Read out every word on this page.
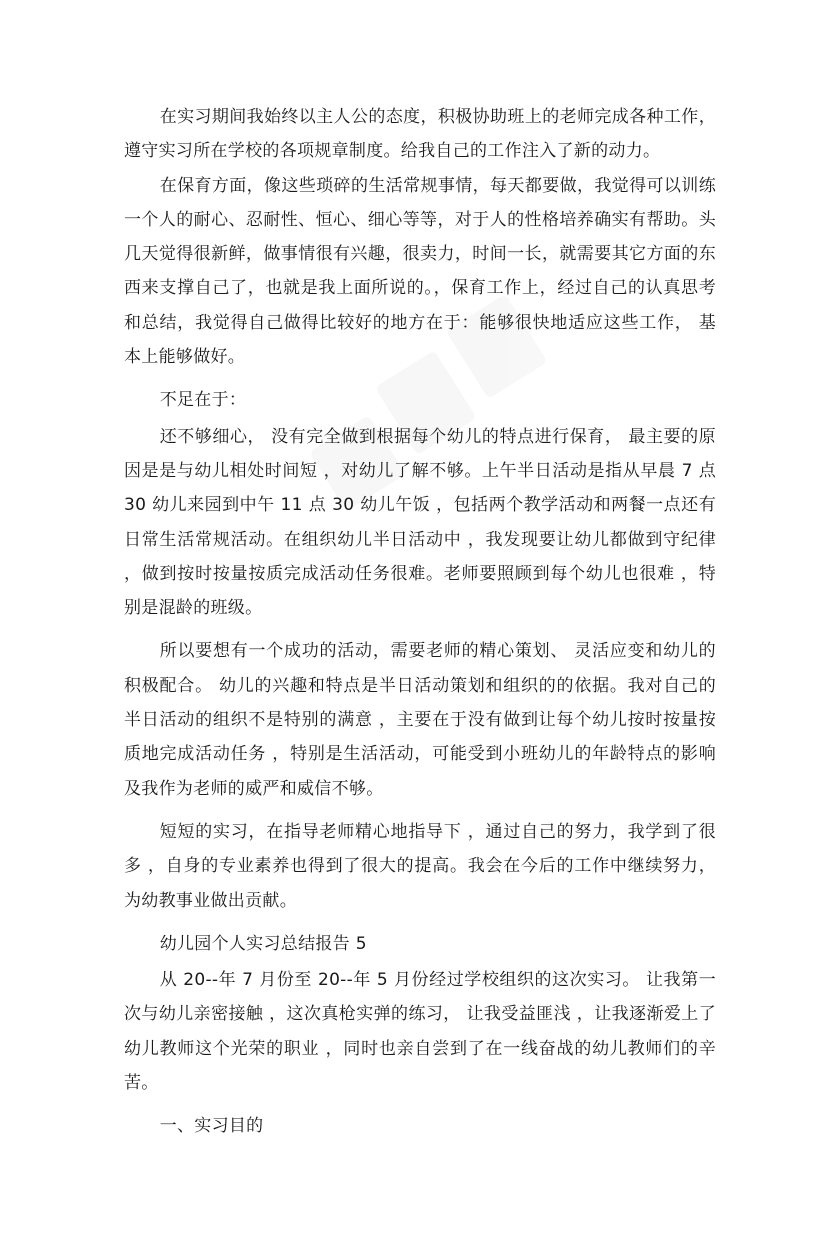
在实习期间我始终以主人公的态度，积极协助班上的老师完成各种工作，遵守实习所在学校的各项规章制度。给我自己的工作注入了新的动力。

在保育方面，像这些琐碎的生活常规事情，每天都要做，我觉得可以训练一个人的耐心、忍耐性、恒心、细心等等，对于人的性格培养确实有帮助。头几天觉得很新鲜，做事情很有兴趣，很卖力，时间一长，就需要其它方面的东西来支撑自己了，也就是我上面所说的。，保育工作上，经过自己的认真思考和总结，我觉得自己做得比较好的地方在于：能够很快地适应这些工作， 基本上能够做好。

不足在于：

还不够细心， 没有完全做到根据每个幼儿的特点进行保育， 最主要的原因是是与幼儿相处时间短 ，对幼儿了解不够。上午半日活动是指从早晨 7 点 30 幼儿来园到中午 11 点 30 幼儿午饭 ，包括两个教学活动和两餐一点还有日常生活常规活动。在组织幼儿半日活动中 ，我发现要让幼儿都做到守纪律 ，做到按时按量按质完成活动任务很难。老师要照顾到每个幼儿也很难 ，特别是混龄的班级。

所以要想有一个成功的活动，需要老师的精心策划、 灵活应变和幼儿的积极配合。 幼儿的兴趣和特点是半日活动策划和组织的的依据。我对自己的半日活动的组织不是特别的满意 ，主要在于没有做到让每个幼儿按时按量按质地完成活动任务 ，特别是生活活动，可能受到小班幼儿的年龄特点的影响及我作为老师的威严和威信不够。

短短的实习，在指导老师精心地指导下 ，通过自己的努力，我学到了很多 ，自身的专业素养也得到了很大的提高。我会在今后的工作中继续努力， 为幼教事业做出贡献。

幼儿园个人实习总结报告 5

从 20--年 7 月份至 20--年 5 月份经过学校组织的这次实习。 让我第一次与幼儿亲密接触 ，这次真枪实弹的练习， 让我受益匪浅 ，让我逐渐爱上了幼儿教师这个光荣的职业 ，同时也亲自尝到了在一线奋战的幼儿教师们的辛苦。

一、实习目的
